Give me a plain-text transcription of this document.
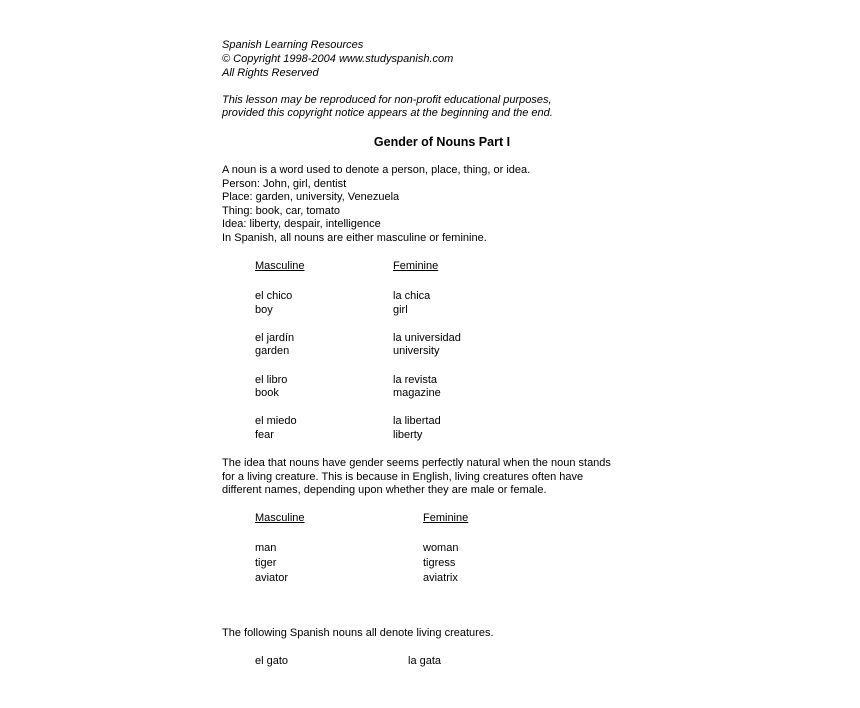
Spanish Learning Resources
© Copyright 1998-2004 www.studyspanish.com
All Rights Reserved
This lesson may be reproduced for non-profit educational purposes,
provided this copyright notice appears at the beginning and the end.
Gender of Nouns Part I
A noun is a word used to denote a person, place, thing, or idea.
Person: John, girl, dentist
Place: garden, university, Venezuela
Thing: book, car, tomato
Idea: liberty, despair, intelligence
In Spanish, all nouns are either masculine or feminine.
Masculine	Feminine
el chico	la chica
boy	girl
el jardín	la universidad
garden	university
el libro	la revista
book	magazine
el miedo	la libertad
fear	liberty
The idea that nouns have gender seems perfectly natural when the noun stands
for a living creature. This is because in English, living creatures often have
different names, depending upon whether they are male or female.
Masculine	Feminine
man	woman
tiger	tigress
aviator	aviatrix
The following Spanish nouns all denote living creatures.
el gato	la gata
